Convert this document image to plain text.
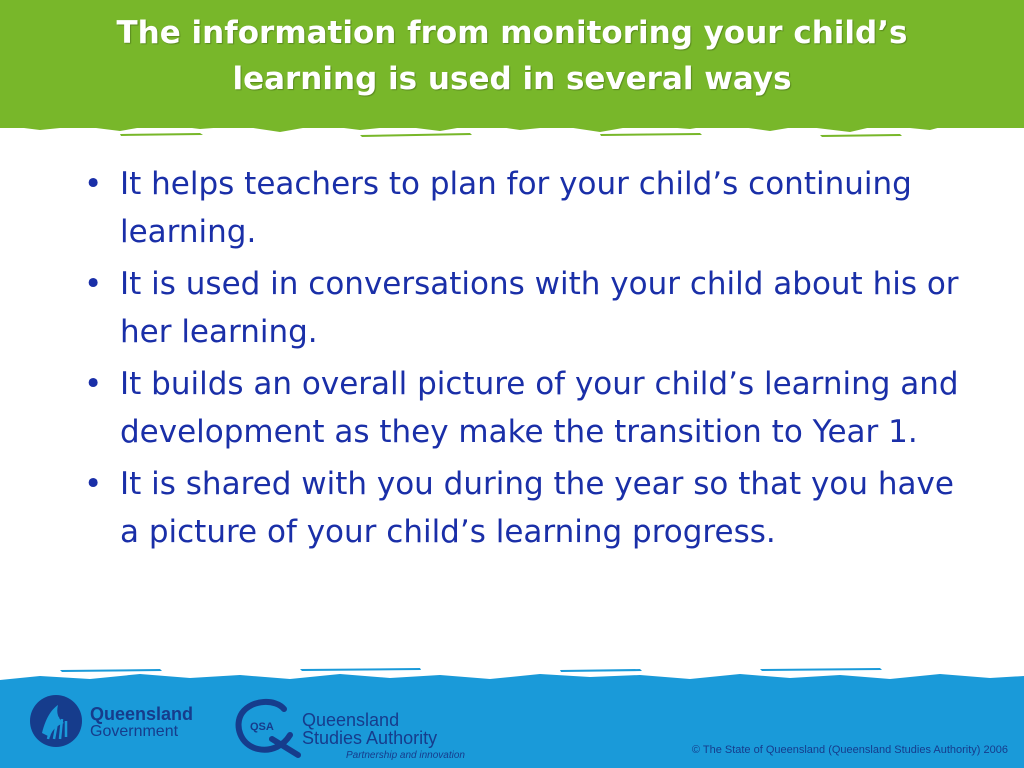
The information from monitoring your child’s learning is used in several ways
• It helps teachers to plan for your child’s continuing learning.
• It is used in conversations with your child about his or her learning.
• It builds an overall picture of your child’s learning and development as they make the transition to Year 1.
• It is shared with you during the year so that you have a picture of your child’s learning progress.
Queensland
Government	QSA Queensland
Studies Authority
Partnership and innovation	© The State of Queensland (Queensland Studies Authority) 2006
